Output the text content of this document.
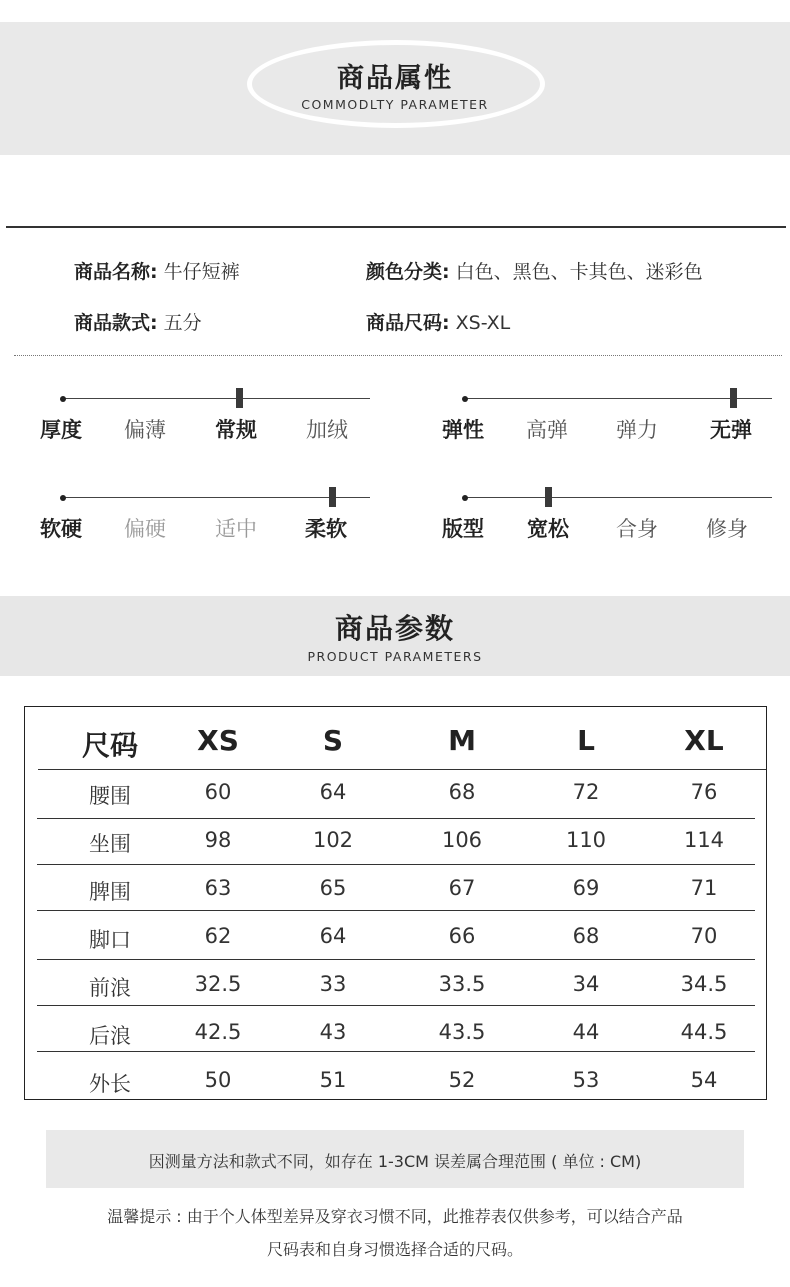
商品属性
COMMODLTY PARAMETER
商品名称: 牛仔短裤	颜色分类: 白色、黑色、卡其色、迷彩色
商品款式: 五分	商品尺码: XS-XL
厚度 偏薄 常规 加绒	弹性 高弹 弹力 无弹
软硬 偏硬 适中 柔软	版型 宽松 合身 修身
商品参数
PRODUCT PARAMETERS
尺码	XS	S	M	L	XL
腰围	60	64	68	72	76
坐围	98	102	106	110	114
脾围	63	65	67	69	71
脚口	62	64	66	68	70
前浪	32.5	33	33.5	34	34.5
后浪	42.5	43	43.5	44	44.5
外长	50	51	52	53	54
因测量方法和款式不同，如存在 1-3CM 误差属合理范围 ( 单位 : CM)
温馨提示 : 由于个人体型差异及穿衣习惯不同，此推荐表仅供参考，可以结合产品
尺码表和自身习惯选择合适的尺码。
